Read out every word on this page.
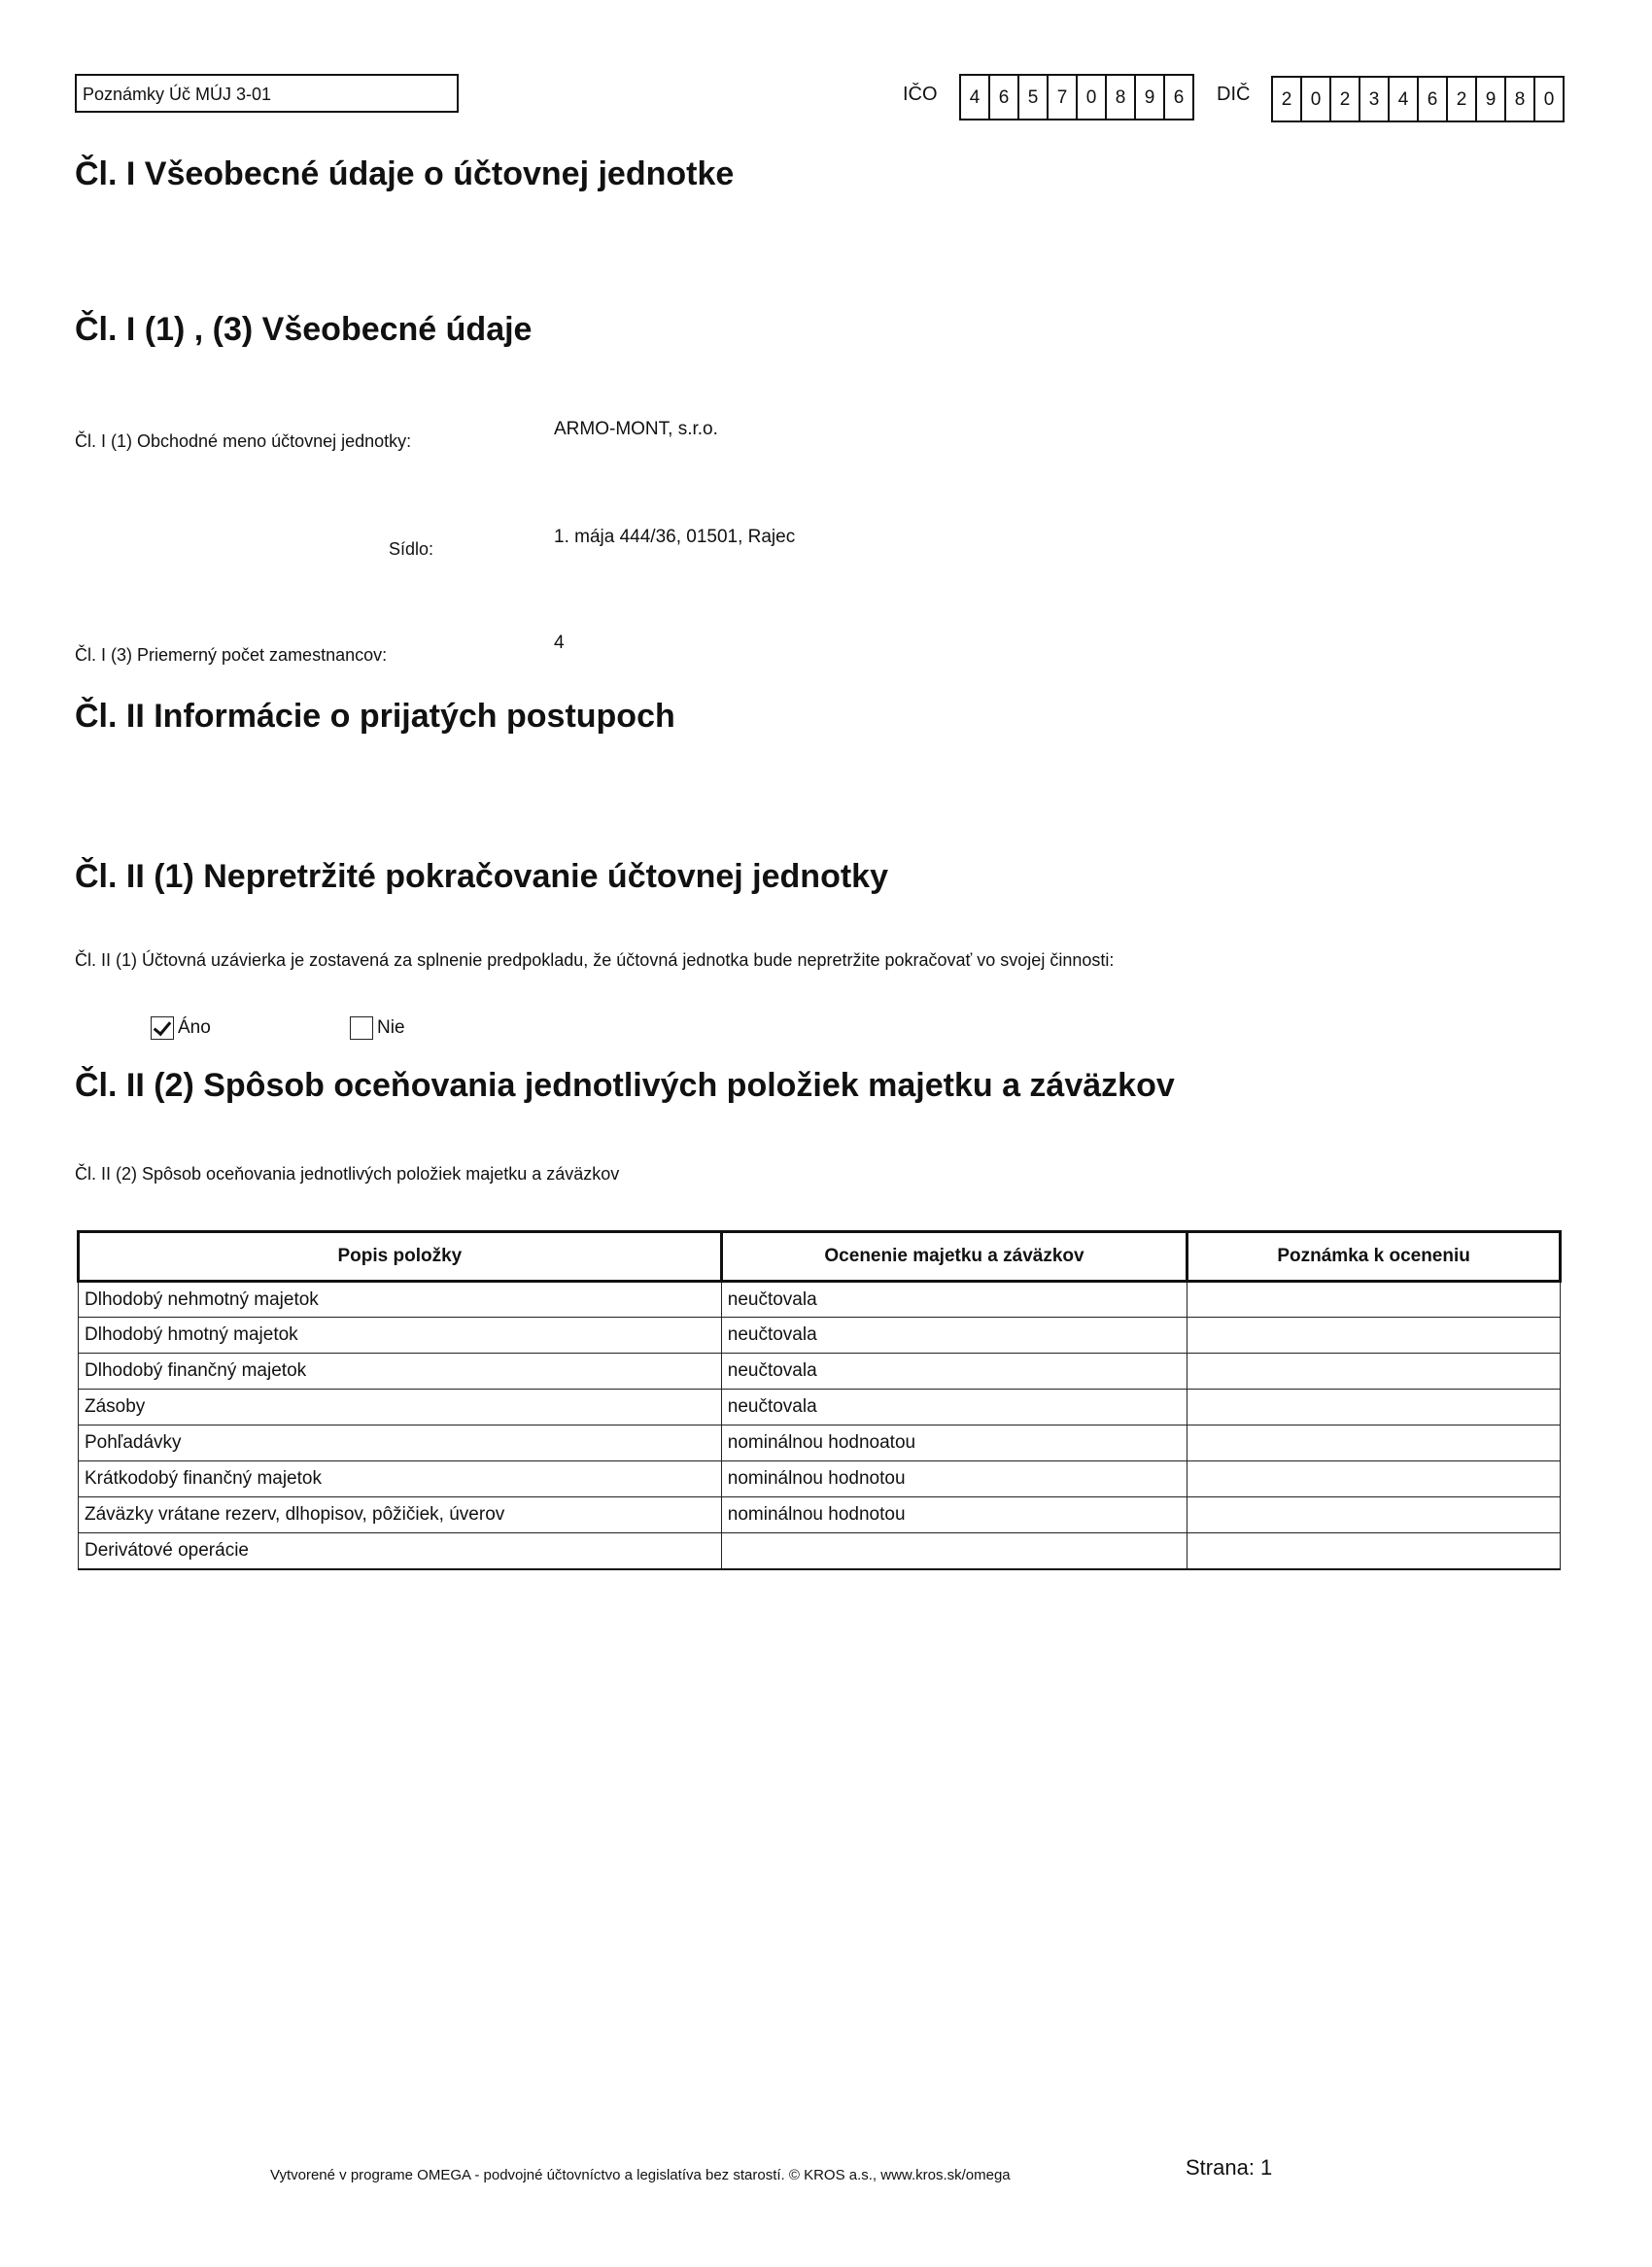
Poznámky Úč MÚJ 3-01	IČO	4	6	5	7	0	8	9	6	DIČ	2	0	2	3	4	6	2	9	8	0
Čl. I Všeobecné údaje o účtovnej jednotke
Čl. I (1) , (3) Všeobecné údaje
Čl. I (1) Obchodné meno účtovnej jednotky:
ARMO-MONT, s.r.o.
Sídlo:
1. mája 444/36, 01501, Rajec
Čl. I (3) Priemerný počet zamestnancov:
4
Čl. II Informácie o prijatých postupoch
Čl. II (1) Nepretržité pokračovanie účtovnej jednotky
Čl. II (1) Účtovná uzávierka je zostavená za splnenie predpokladu, že účtovná jednotka bude nepretržite pokračovať vo svojej činnosti:
Áno	Nie
Čl. II (2) Spôsob oceňovania jednotlivých položiek majetku a záväzkov
Čl. II (2) Spôsob oceňovania jednotlivých položiek majetku a záväzkov
Popis položky	Ocenenie majetku a záväzkov	Poznámka k oceneniu
Dlhodobý nehmotný majetok	neučtovala	
Dlhodobý hmotný majetok	neučtovala	
Dlhodobý finančný majetok	neučtovala	
Zásoby	neučtovala	
Pohľadávky	nominálnou hodnoatou	
Krátkodobý finančný majetok	nominálnou hodnotou	
Záväzky vrátane rezerv, dlhopisov, pôžičiek, úverov	nominálnou hodnotou	
Derivátové operácie		
Vytvorené v programe OMEGA - podvojné účtovníctvo a legislatíva bez starostí. © KROS a.s., www.kros.sk/omega	Strana: 1
